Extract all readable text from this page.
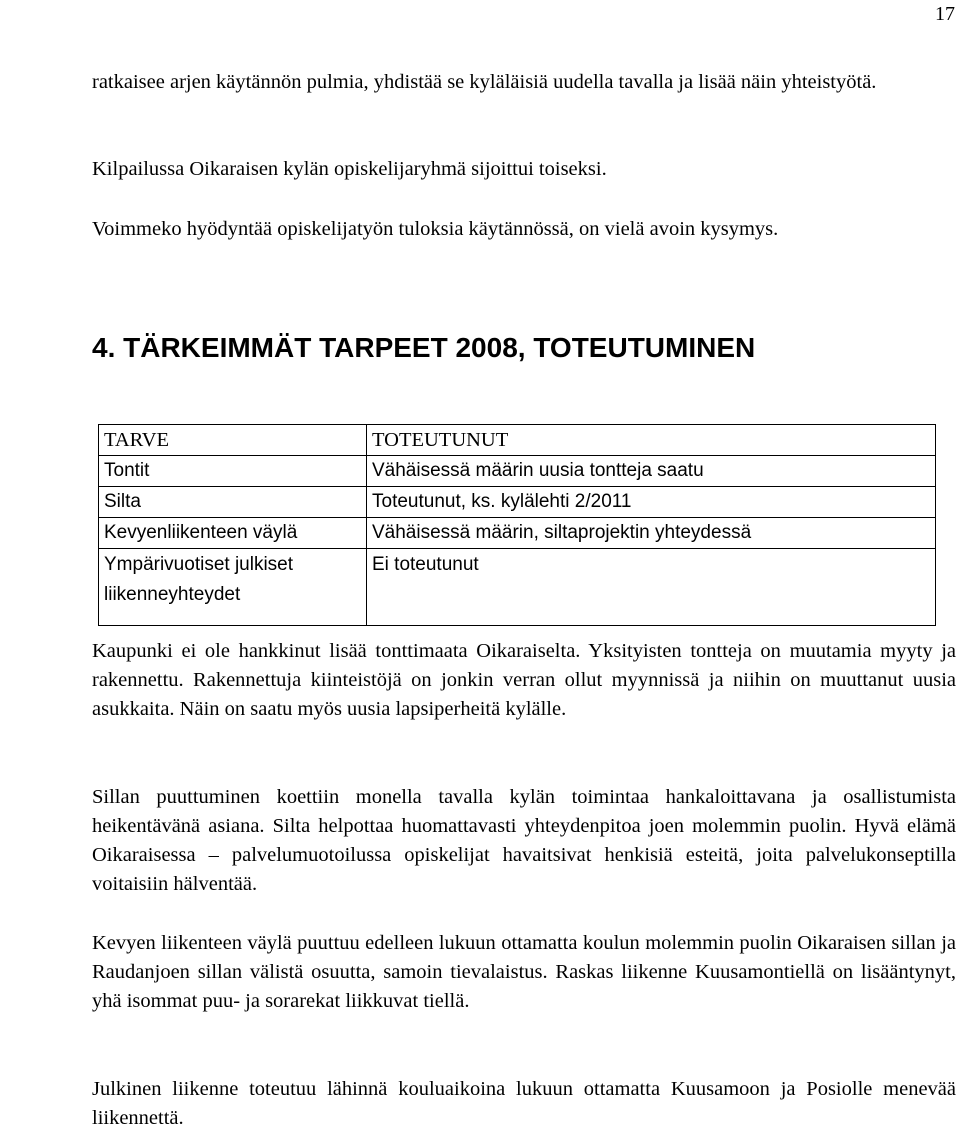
17

ratkaisee arjen käytännön pulmia, yhdistää se kyläläisiä uudella tavalla ja lisää näin yhteistyötä.

Kilpailussa Oikaraisen kylän opiskelijaryhmä sijoittui toiseksi.

Voimmeko hyödyntää opiskelijatyön tuloksia käytännössä, on vielä avoin kysymys.

4. TÄRKEIMMÄT TARPEET 2008, TOTEUTUMINEN
TARVE	TOTEUTUNUT
Tontit	Vähäisessä määrin uusia tontteja saatu
Silta	Toteutunut, ks. kylälehti 2/2011
Kevyenliikenteen väylä	Vähäisessä määrin, siltaprojektin yhteydessä
Ympärivuotiset julkiset liikenneyhteydet	Ei toteutunut

Kaupunki ei ole hankkinut lisää tonttimaata Oikaraiselta. Yksityisten tontteja on muutamia myyty ja rakennettu. Rakennettuja kiinteistöjä on jonkin verran ollut myynnissä ja niihin on muuttanut uusia asukkaita. Näin on saatu myös uusia lapsiperheitä kylälle.

Sillan puuttuminen koettiin monella tavalla kylän toimintaa hankaloittavana ja osallistumista heikentävänä asiana. Silta helpottaa huomattavasti yhteydenpitoa joen molemmin puolin. Hyvä elämä Oikaraisessa – palvelumuotoilussa opiskelijat havaitsivat henkisiä esteitä, joita palvelukonseptilla voitaisiin hälventää.

Kevyen liikenteen väylä puuttuu edelleen lukuun ottamatta koulun molemmin puolin Oikaraisen sillan ja Raudanjoen sillan välistä osuutta, samoin tievalaistus. Raskas liikenne Kuusamontiellä on lisääntynyt, yhä isommat puu- ja sorarekat liikkuvat tiellä.

Julkinen liikenne toteutuu lähinnä kouluaikoina lukuun ottamatta Kuusamoon ja Posiolle menevää liikennettä.
